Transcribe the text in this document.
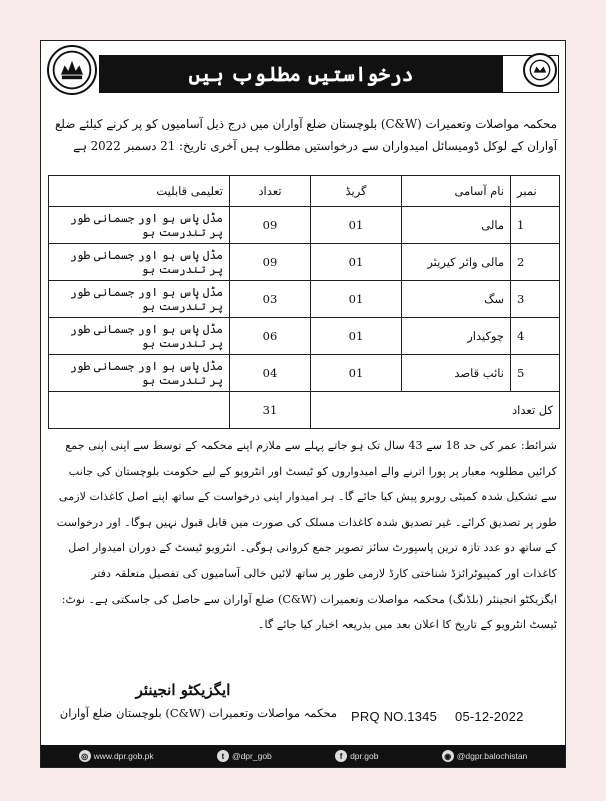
درخواستیں مطلوب ہیں
محکمہ مواصلات وتعمیرات (C&W) بلوچستان ضلع آواران میں درج ذیل آسامیوں کو پر کرنے کیلئے ضلع آواران کے لوکل ڈومیسائل امیدواران سے درخواستیں مطلوب ہیں آخری تاریخ: 21 دسمبر 2022 ہے
نمبر	نام آسامی	گریڈ	تعداد	تعلیمی قابلیت
1	مالی	01	09	مڈل پاس ہو اور جسمانی طور پر تندرست ہو
2	مالی وائر کیریئر	01	09	مڈل پاس ہو اور جسمانی طور پر تندرست ہو
3	سگ	01	03	مڈل پاس ہو اور جسمانی طور پر تندرست ہو
4	چوکیدار	01	06	مڈل پاس ہو اور جسمانی طور پر تندرست ہو
5	نائب قاصد	01	04	مڈل پاس ہو اور جسمانی طور پر تندرست ہو
کل تعداد			31	
شرائط: عمر کی حد 18 سے 43 سال تک ہو جاتے پہلے سے ملازم اپنے محکمہ کے توسط سے اپنی اپنی جمع کرائیں مطلوبہ معیار پر پورا اترنے والے امیدواروں کو ٹیسٹ اور انٹرویو کے لیے حکومت بلوچستان کی جانب سے تشکیل شدہ کمیٹی روبرو پیش کیا جائے گا۔ ہر امیدوار اپنی درخواست کے ساتھ اپنے اصل کاغذات لازمی طور پر تصدیق کرائے۔ غیر تصدیق شدہ کاغذات مسلک کی صورت میں قابل قبول نہیں ہوگا۔ اور درخواست کے ساتھ دو عدد تازہ ترین پاسپورٹ سائز تصویر جمع کروانی ہوگی۔ انٹرویو ٹیسٹ کے دوران امیدوار اصل کاغذات اور کمپیوٹرائزڈ شناختی کارڈ لازمی طور پر ساتھ لائیں خالی آسامیوں کی تفصیل متعلقہ دفتر ایگزیکٹو انجینئر (بلڈنگ) محکمہ مواصلات وتعمیرات (C&W) ضلع آواران سے حاصل کی جاسکتی ہے۔ نوٹ: ٹیسٹ انٹرویو کے تاریخ کا اعلان بعد میں بذریعہ اخبار کیا جائے گا۔
ایگزیکٹو انجینئر
محکمہ مواصلات وتعمیرات (C&W) بلوچستان ضلع آواران PRQ NO.1345 05-12-2022
◎ www.dpr.gob.pk	t @dpr_gob	f dpr.gob	◉ @dgpr.balochistan
